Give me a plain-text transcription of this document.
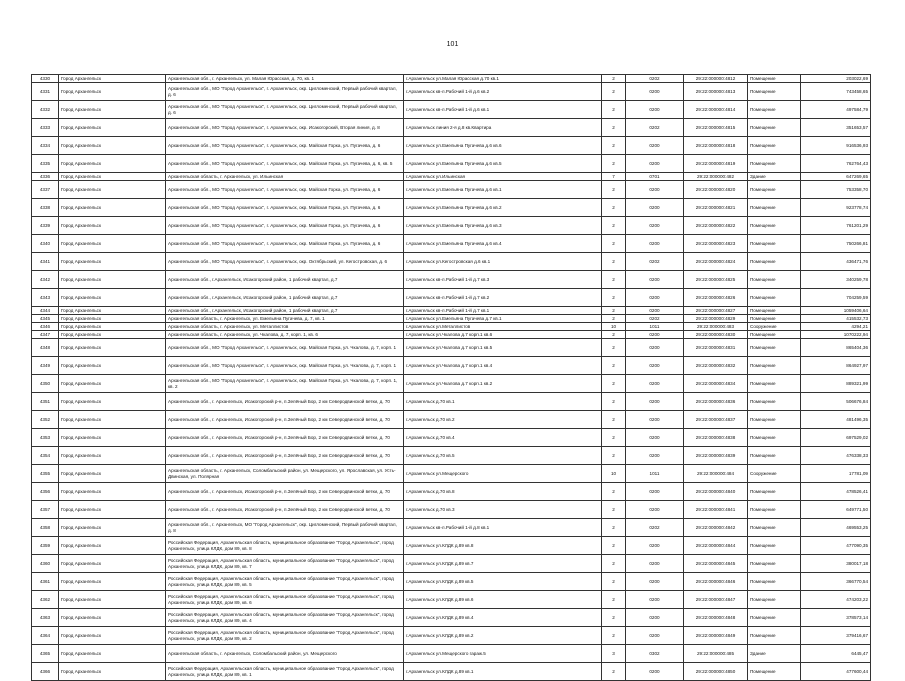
101
4330	Город Архангельск	Архангельская обл., г. Архангельск, ул. Малая Юрасская, д. 70, кв. 1	г.Архангельск ул.Малая Юрасская д.70 кв.1	2	0202	29:22:000000:4812	Помещение	203022,69
4331	Город Архангельск	Архангельская обл., МО "Город Архангельск", г. Архангельск, окр. Цигломенский, Первый рабочий квартал, д. 6	г.Архангельск кв-л.Рабочий 1-й д.6 кв.2	2	0200	29:22:000000:4813	Помещение	743458,65
4332	Город Архангельск	Архангельская обл., МО "Город Архангельск", г. Архангельск, окр. Цигломенский, Первый рабочий квартал, д. 6	г.Архангельск кв-л.Рабочий 1-й д.6 кв.1	2	0200	29:22:000000:4814	Помещение	497584,79
4333	Город Архангельск	Архангельская обл., МО "Город Архангельск", г. Архангельск, окр. Исакогорский, Вторая линия, д. 8	г.Архангельск линия 2-я д.8 кв.Квартира	2	0202	29:22:000000:4815	Помещение	351653,57
4334	Город Архангельск	Архангельская обл., МО "Город Архангельск", г. Архангельск, окр. Майская Горка, ул. Пугачева, д. 6	г.Архангельск ул.Емельяна Пугачева д.6 кв.6	2	0200	29:22:000000:4818	Помещение	916536,93
4335	Город Архангельск	Архангельская обл., МО "Город Архангельск", г. Архангельск, окр. Майская Горка, ул. Пугачева, д. 6, кв. 5	г.Архангельск ул.Емельяна Пугачева д.6 кв.5	2	0200	29:22:000000:4819	Помещение	762764,43
4336	Город Архангельск	Архангельская область, г. Архангельск, ул. Ильинская	г.Архангельск ул.Ильинская	7	0701	29:22:000000:482	Здание	647269,65
4337	Город Архангельск	Архангельская обл., МО "Город Архангельск", г. Архангельск, окр. Майская Горка, ул. Пугачева, д. 6	г.Архангельск ул.Емельяна Пугачева д.6 кв.1	2	0200	29:22:000000:4820	Помещение	753358,70
4338	Город Архангельск	Архангельская обл., МО "Город Архангельск", г. Архангельск, окр. Майская Горка, ул. Пугачева, д. 6	г.Архангельск ул.Емельяна Пугачева д.6 кв.2	2	0200	29:22:000000:4821	Помещение	923778,74
4339	Город Архангельск	Архангельская обл., МО "Город Архангельск", г. Архангельск, окр. Майская Горка, ул. Пугачева, д. 6	г.Архангельск ул.Емельяна Пугачева д.6 кв.3	2	0200	29:22:000000:4822	Помещение	761201,29
4340	Город Архангельск	Архангельская обл., МО "Город Архангельск", г. Архангельск, окр. Майская Горка, ул. Пугачева, д. 6	г.Архангельск ул.Емельяна Пугачева д.6 кв.4	2	0200	29:22:000000:4823	Помещение	750266,81
4341	Город Архангельск	Архангельская обл., МО "Город Архангельск", г. Архангельск, окр. Октябрьский, ул. Кегостровская, д. 6	г.Архангельск ул.Кегостровская д.6 кв.1	2	0202	29:22:000000:4824	Помещение	436471,76
4342	Город Архангельск	Архангельская обл., г.Архангельск, Исакогорский район, 1 рабочий квартал, д.7	г.Архангельск кв-л.Рабочий 1-й д.7 кв.3	2	0200	29:22:000000:4825	Помещение	340259,78
4343	Город Архангельск	Архангельская обл., г.Архангельск, Исакогорский район, 1 рабочий квартал, д.7	г.Архангельск кв-л.Рабочий 1-й д.7 кв.2	2	0200	29:22:000000:4826	Помещение	704259,59
4344	Город Архангельск	Архангельская обл., г.Архангельск, Исакогорский район, 1 рабочий квартал, д.7	г.Архангельск кв-л.Рабочий 1-й д.7 кв.1	2	0200	29:22:000000:4827	Помещение	1059406,64
4345	Город Архангельск	Архангельская область, г. Архангельск, ул. Емельяна Пугачева, д. 7, кв. 1	г.Архангельск ул.Емельяна Пугачева д.7 кв.1	2	0202	29:22:000000:4829	Помещение	415532,73
4346	Город Архангельск	Архангельская область, г. Архангельск, ул. Металлистов	г.Архангельск ул.Металлистов	10	1011	29:22:000000:483	Сооружение	4294,21
4347	Город Архангельск	Архангельская область, г. Архангельск, ул. Чкалова, д. 7, корп. 1, кв. 6	г.Архангельск ул.Чкалова д.7 корп.1 кв.6	2	0200	29:22:000000:4830	Помещение	1070222,94
4348	Город Архангельск	Архангельская обл., МО "Город Архангельск", г. Архангельск, окр. Майская Горка, ул. Чкалова, д. 7, корп. 1	г.Архангельск ул.Чкалова д.7 корп.1 кв.5	2	0200	29:22:000000:4831	Помещение	865404,36
4349	Город Архангельск	Архангельская обл., МО "Город Архангельск", г. Архангельск, окр. Майская Горка, ул. Чкалова, д. 7, корп. 1	г.Архангельск ул.Чкалова д.7 корп.1 кв.4	2	0200	29:22:000000:4832	Помещение	864927,97
4350	Город Архангельск	Архангельская обл., МО "Город Архангельск", г. Архангельск, окр. Майская Горка, ул. Чкалова, д. 7, корп. 1, кв. 2	г.Архангельск ул.Чкалова д.7 корп.1 кв.2	2	0200	29:22:000000:4834	Помещение	889321,99
4351	Город Архангельск	Архангельская обл., г. Архангельск, Исакогорский р-н, п.Зелёный Бор, 2 км Северодвинской ветки, д. 70	г.Архангельск д.70 кв.1	2	0200	29:22:000000:4836	Помещение	506676,84
4352	Город Архангельск	Архангельская обл., г. Архангельск, Исакогорский р-н, п.Зелёный Бор, 2 км Северодвинской ветки, д. 70	г.Архангельск д.70 кв.2	2	0200	29:22:000000:4837	Помещение	481496,35
4353	Город Архангельск	Архангельская обл., г. Архангельск, Исакогорский р-н, п.Зелёный Бор, 2 км Северодвинской ветки, д. 70	г.Архангельск д.70 кв.4	2	0200	29:22:000000:4838	Помещение	697529,02
4354	Город Архангельск	Архангельская обл., г. Архангельск, Исакогорский р-н, п.Зелёный Бор, 2 км Северодвинской ветки, д. 70	г.Архангельск д.70 кв.5	2	0200	29:22:000000:4839	Помещение	476338,33
4355	Город Архангельск	Архангельская область, г. Архангельск, Соломбальский район, ул. Мещерского, ул. Ярославская, ул. Усть-Двинская, ул. Полярная	г.Архангельск ул.Мещерского	10	1011	29:22:000000:484	Сооружение	17781,09
4356	Город Архангельск	Архангельская обл., г. Архангельск, Исакогорский р-н, п.Зелёный Бор, 2 км Северодвинской ветки, д. 70	г.Архангельск д.70 кв.8	2	0200	29:22:000000:4840	Помещение	478526,41
4357	Город Архангельск	Архангельская обл., г. Архангельск, Исакогорский р-н, п.Зелёный Бор, 2 км Северодвинской ветки, д. 70	г.Архангельск д.70 кв.3	2	0200	29:22:000000:4841	Помещение	649771,50
4358	Город Архангельск	Архангельская обл., г. Архангельск, МО "Город Архангельск", окр. Цигломенский, Первый рабочий квартал, д. 8	г.Архангельск кв-л.Рабочий 1-й д.8 кв.1	2	0202	29:22:000000:4842	Помещение	469553,25
4359	Город Архангельск	Российская Федерация, Архангельская область, муниципальное образование "Город Архангельск", город Архангельск, улица КЛДК, дом 89, кв. 8	г.Архангельск ул.КЛДК д.89 кв.8	2	0200	29:22:000000:4844	Помещение	477090,35
4360	Город Архангельск	Российская Федерация, Архангельская область, муниципальное образование "Город Архангельск", город Архангельск, улица КЛДК, дом 89, кв. 7	г.Архангельск ул.КЛДК д.89 кв.7	2	0200	29:22:000000:4845	Помещение	380017,18
4361	Город Архангельск	Российская Федерация, Архангельская область, муниципальное образование "Город Архангельск", город Архангельск, улица КЛДК, дом 89, кв. 5	г.Архангельск ул.КЛДК д.89 кв.5	2	0200	29:22:000000:4846	Помещение	366770,54
4362	Город Архангельск	Российская Федерация, Архангельская область, муниципальное образование "Город Архангельск", город Архангельск, улица КЛДК, дом 89, кв. 6	г.Архангельск ул.КЛДК д.89 кв.6	2	0200	29:22:000000:4847	Помещение	474203,22
4363	Город Архангельск	Российская Федерация, Архангельская область, муниципальное образование "Город Архангельск", город Архангельск, улица КЛДК, дом 89, кв. 4	г.Архангельск ул.КЛДК д.89 кв.4	2	0200	29:22:000000:4848	Помещение	378573,14
4364	Город Архангельск	Российская Федерация, Архангельская область, муниципальное образование "Город Архангельск", город Архангельск, улица КЛДК, дом 89, кв. 2	г.Архангельск ул.КЛДК д.89 кв.2	2	0200	29:22:000000:4849	Помещение	379416,67
4365	Город Архангельск	Архангельская область, г. Архангельск, Соломбальский район, ул. Мещерского	г.Архангельск ул.Мещерского гараж.5	3	0302	29:22:000000:485	Здание	6445,47
4366	Город Архангельск	Российская Федерация, Архангельская область, муниципальное образование "Город Архангельск", город Архангельск, улица КЛДК, дом 89, кв. 1	г.Архангельск ул.КЛДК д.89 кв.1	2	0200	29:22:000000:4850	Помещение	477600,44
